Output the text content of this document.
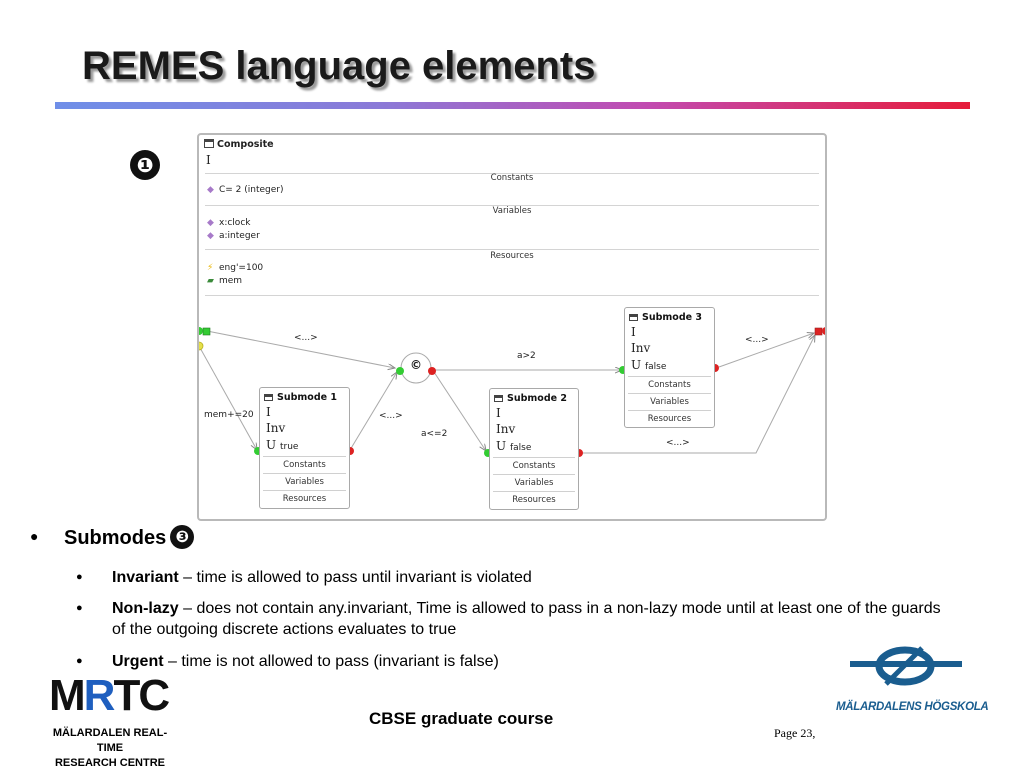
REMES language elements
❶
Composite
I
Constants
◆ C= 2 (integer)
Variables
◆ x:clock
◆ a:integer
Resources
⚡ eng'=100
▰ mem
©
<...>
mem+=20	<...>
a>2
a<=2
<...>
<...>
Submode 1
I
Inv
U true
Constants
Variables
Resources
Submode 2
I
Inv
U false
Constants
Variables
Resources
Submode 3
I
Inv
U false
Constants
Variables
Resources
● Submodes ❸
● Invariant – time is allowed to pass until invariant is violated
● Non-lazy – does not contain any.invariant, Time is allowed to pass in a non-lazy mode until at least one of the guards of the outgoing discrete actions evaluates to true
● Urgent – time is not allowed to pass (invariant is false)
MRTC
MÄLARDALEN REAL-TIME
RESEARCH CENTRE
CBSE graduate course
Page 23,
MÄLARDALENS HÖGSKOLA
